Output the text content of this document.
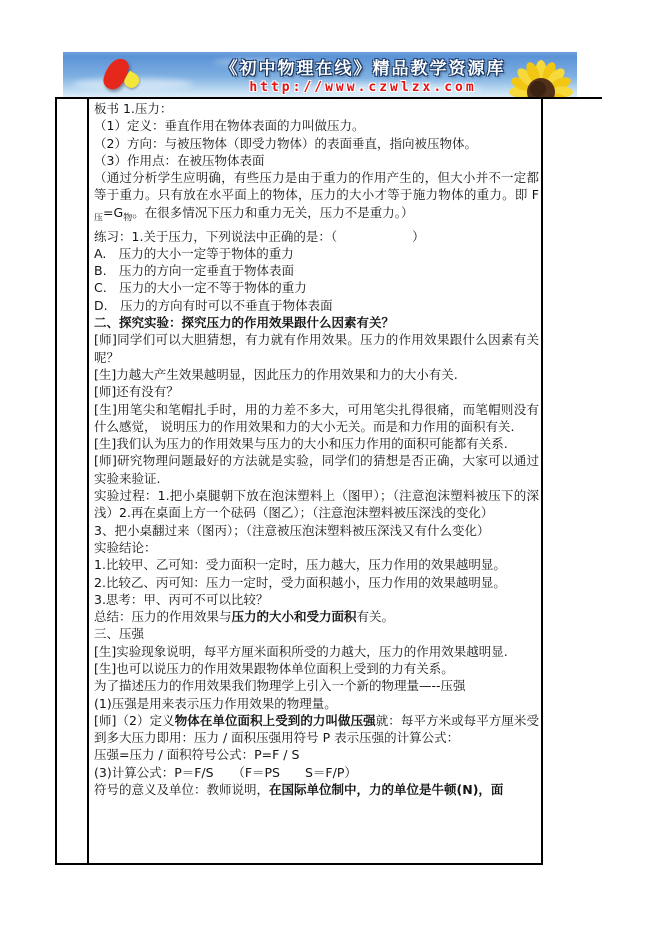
《初中物理在线》精品教学资源库
http://www.czwlzx.com
板书 1.压力：
（1）定义：垂直作用在物体表面的力叫做压力。
（2）方向：与被压物体（即受力物体）的表面垂直，指向被压物体。
（3）作用点：在被压物体表面
（通过分析学生应明确，有些压力是由于重力的作用产生的，但大小并不一定都等于重力。只有放在水平面上的物体，压力的大小才等于施力物体的重力。即 $F_压=G_物$。在很多情况下压力和重力无关，压力不是重力。）
练习：1.关于压力，下列说法中正确的是：（　　　　　　）
A.　压力的大小一定等于物体的重力
B.　压力的方向一定垂直于物体表面
C.　压力的大小一定不等于物体的重力
D.　压力的方向有时可以不垂直于物体表面
二、探究实验：探究压力的作用效果跟什么因素有关？
[师]同学们可以大胆猜想，有力就有作用效果。压力的作用效果跟什么因素有关呢？
[生]力越大产生效果越明显，因此压力的作用效果和力的大小有关.
[师]还有没有？
[生]用笔尖和笔帽扎手时，用的力差不多大，可用笔尖扎得很痛，而笔帽则没有什么感觉， 说明压力的作用效果和力的大小无关。而是和力作用的面积有关.
[生]我们认为压力的作用效果与压力的大小和压力作用的面积可能都有关系.
[师]研究物理问题最好的方法就是实验，同学们的猜想是否正确，大家可以通过实验来验证.
实验过程：1.把小桌腿朝下放在泡沫塑料上（图甲）；（注意泡沫塑料被压下的深浅）2.再在桌面上方一个砝码（图乙）；（注意泡沫塑料被压深浅的变化）
3、把小桌翻过来（图丙）；（注意被压泡沫塑料被压深浅又有什么变化）
实验结论：
1.比较甲、乙可知：受力面积一定时，压力越大，压力作用的效果越明显。
2.比较乙、丙可知：压力一定时，受力面积越小，压力作用的效果越明显。
3.思考：甲、丙可不可以比较？
总结：压力的作用效果与压力的大小和受力面积有关。
三、压强
[生]实验现象说明，每平方厘米面积所受的力越大，压力的作用效果越明显.
[生]也可以说压力的作用效果跟物体单位面积上受到的力有关系。
为了描述压力的作用效果我们物理学上引入一个新的物理量—--压强
(1)压强是用来表示压力作用效果的物理量。
[师]（2）定义物体在单位面积上受到的力叫做压强就：每平方米或每平方厘米受到多大压力即用：压力 / 面积压强用符号 P 表示压强的计算公式：
压强=压力 / 面积符号公式：P=F / S
(3)计算公式：P＝F/S　　（F＝PS　　S＝F/P）
符号的意义及单位：教师说明，在国际单位制中，力的单位是牛顿(N)，面
